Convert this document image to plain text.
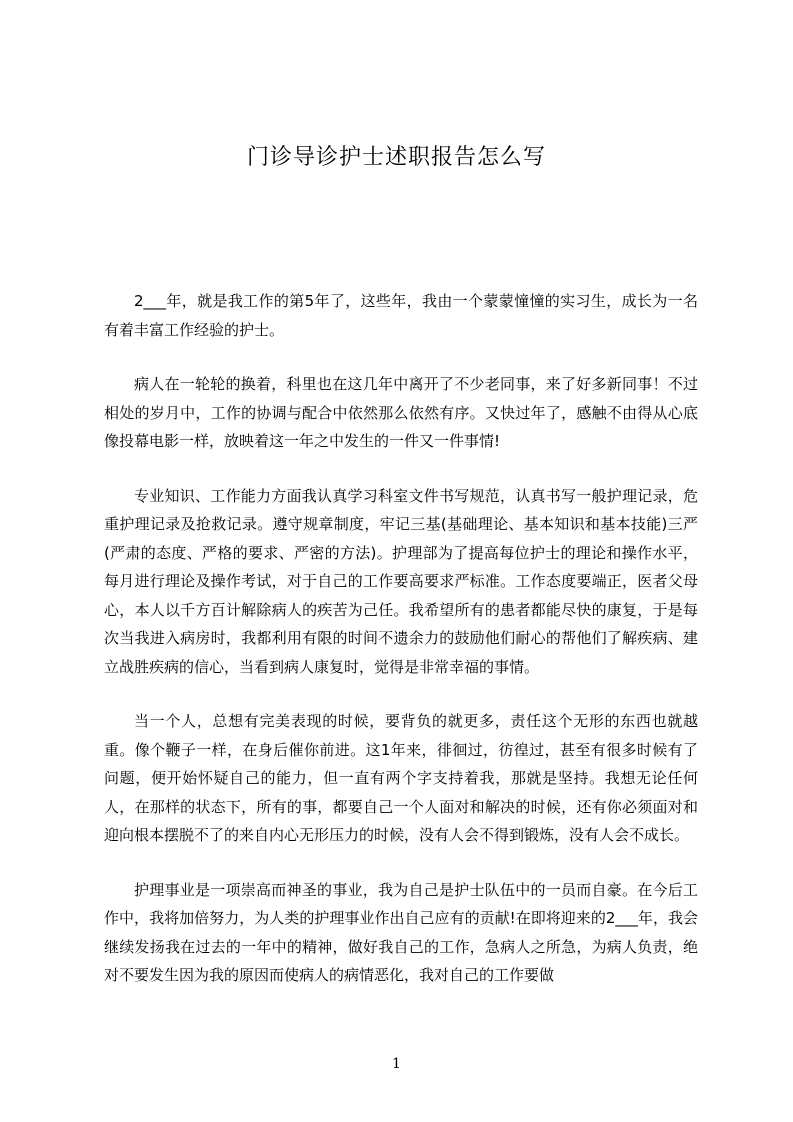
门诊导诊护士述职报告怎么写

2___年，就是我工作的第5年了，这些年，我由一个蒙蒙憧憧的实习生，成长为一名有着丰富工作经验的护士。

病人在一轮轮的换着，科里也在这几年中离开了不少老同事，来了好多新同事！不过相处的岁月中，工作的协调与配合中依然那么依然有序。又快过年了，感触不由得从心底像投幕电影一样，放映着这一年之中发生的一件又一件事情!

专业知识、工作能力方面我认真学习科室文件书写规范，认真书写一般护理记录，危重护理记录及抢救记录。遵守规章制度，牢记三基(基础理论、基本知识和基本技能)三严(严肃的态度、严格的要求、严密的方法)。护理部为了提高每位护士的理论和操作水平，每月进行理论及操作考试，对于自己的工作要高要求严标准。工作态度要端正，医者父母心，本人以千方百计解除病人的疾苦为己任。我希望所有的患者都能尽快的康复，于是每次当我进入病房时，我都利用有限的时间不遗余力的鼓励他们耐心的帮他们了解疾病、建立战胜疾病的信心，当看到病人康复时，觉得是非常幸福的事情。

当一个人，总想有完美表现的时候，要背负的就更多，责任这个无形的东西也就越重。像个鞭子一样，在身后催你前进。这1年来，徘徊过，彷徨过，甚至有很多时候有了问题，便开始怀疑自己的能力，但一直有两个字支持着我，那就是坚持。我想无论任何人，在那样的状态下，所有的事，都要自己一个人面对和解决的时候，还有你必须面对和迎向根本摆脱不了的来自内心无形压力的时候，没有人会不得到锻炼，没有人会不成长。

护理事业是一项崇高而神圣的事业，我为自己是护士队伍中的一员而自豪。在今后工作中，我将加倍努力，为人类的护理事业作出自己应有的贡献!在即将迎来的2___年，我会继续发扬我在过去的一年中的精神，做好我自己的工作，急病人之所急，为病人负责，绝对不要发生因为我的原因而使病人的病情恶化，我对自己的工作要做

1
